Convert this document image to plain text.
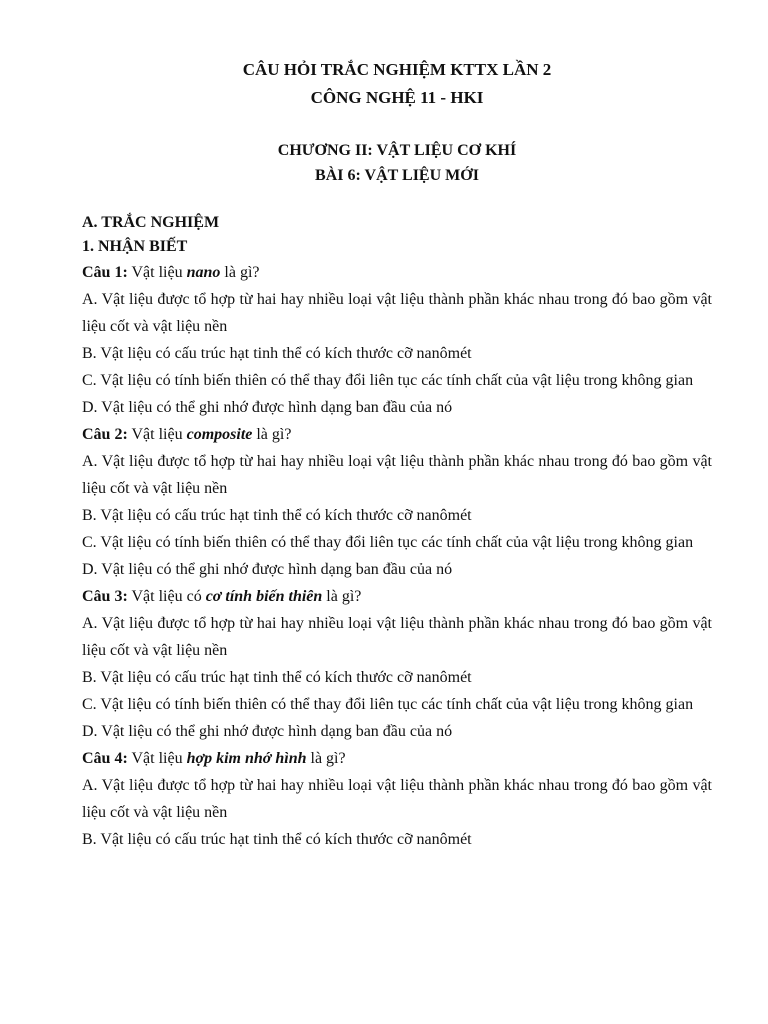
CÂU HỎI TRẮC NGHIỆM KTTX LẦN 2
CÔNG NGHỆ 11 - HKI
CHƯƠNG II: VẬT LIỆU CƠ KHÍ
BÀI 6: VẬT LIỆU MỚI
A. TRẮC NGHIỆM
1. NHẬN BIẾT
Câu 1: Vật liệu nano là gì?
A. Vật liệu được tổ hợp từ hai hay nhiều loại vật liệu thành phần khác nhau trong đó bao gồm vật liệu cốt và vật liệu nền
B. Vật liệu có cấu trúc hạt tinh thể có kích thước cỡ nanômét
C. Vật liệu có tính biến thiên có thể thay đổi liên tục các tính chất của vật liệu trong không gian
D. Vật liệu có thể ghi nhớ được hình dạng ban đầu của nó
Câu 2: Vật liệu composite là gì?
A. Vật liệu được tổ hợp từ hai hay nhiều loại vật liệu thành phần khác nhau trong đó bao gồm vật liệu cốt và vật liệu nền
B. Vật liệu có cấu trúc hạt tinh thể có kích thước cỡ nanômét
C. Vật liệu có tính biến thiên có thể thay đổi liên tục các tính chất của vật liệu trong không gian
D. Vật liệu có thể ghi nhớ được hình dạng ban đầu của nó
Câu 3: Vật liệu có cơ tính biến thiên là gì?
A. Vật liệu được tổ hợp từ hai hay nhiều loại vật liệu thành phần khác nhau trong đó bao gồm vật liệu cốt và vật liệu nền
B. Vật liệu có cấu trúc hạt tinh thể có kích thước cỡ nanômét
C. Vật liệu có tính biến thiên có thể thay đổi liên tục các tính chất của vật liệu trong không gian
D. Vật liệu có thể ghi nhớ được hình dạng ban đầu của nó
Câu 4: Vật liệu hợp kim nhớ hình là gì?
A. Vật liệu được tổ hợp từ hai hay nhiều loại vật liệu thành phần khác nhau trong đó bao gồm vật liệu cốt và vật liệu nền
B. Vật liệu có cấu trúc hạt tinh thể có kích thước cỡ nanômét
